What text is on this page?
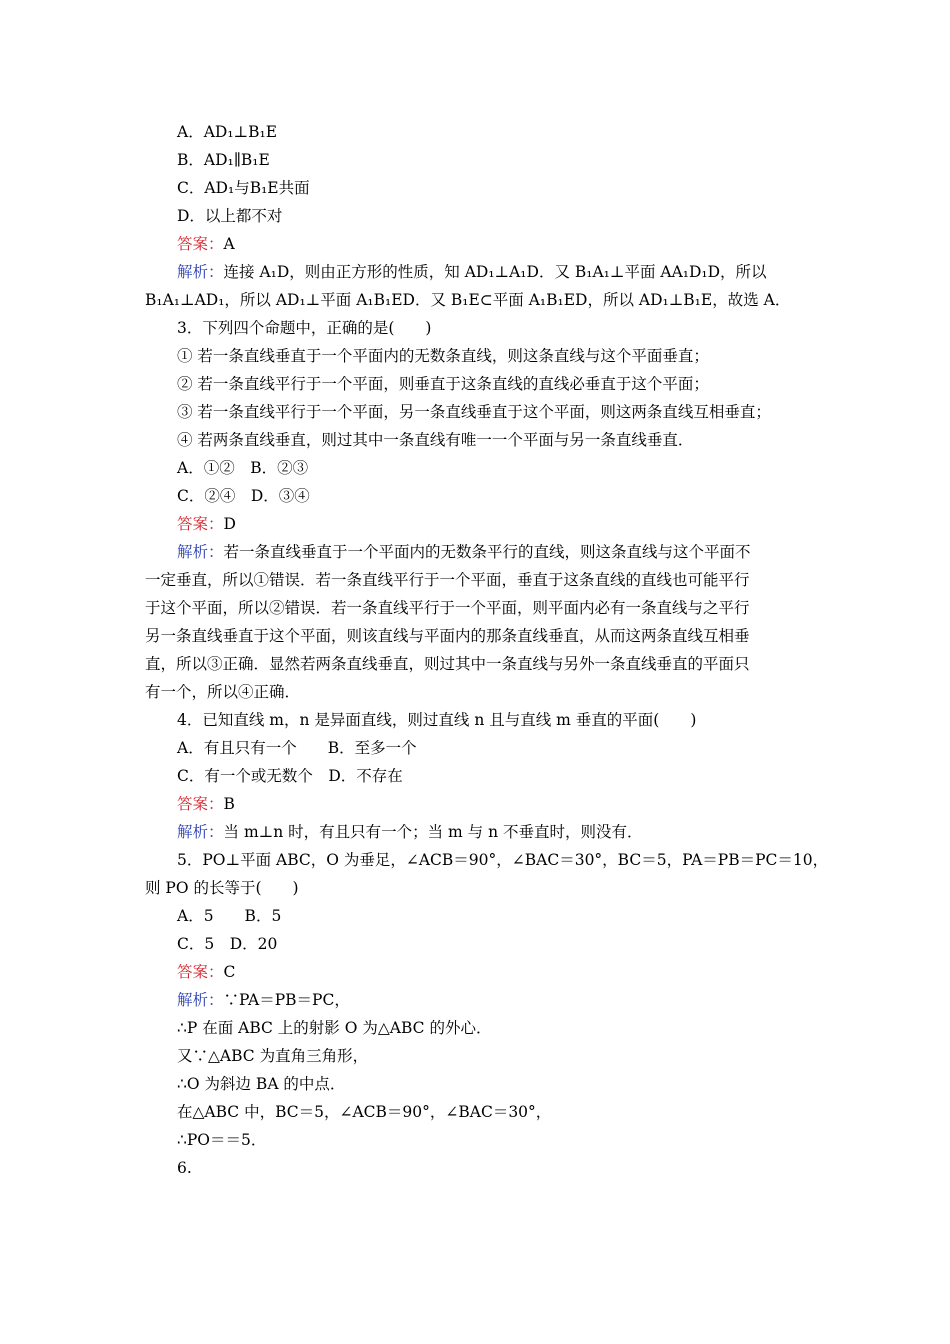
A．AD₁⊥B₁E
B．AD₁∥B₁E
C．AD₁与B₁E共面
D．以上都不对
答案：A
解析：连接 A₁D，则由正方形的性质，知 AD₁⊥A₁D．又 B₁A₁⊥平面 AA₁D₁D，所以
B₁A₁⊥AD₁，所以 AD₁⊥平面 A₁B₁ED．又 B₁E⊂平面 A₁B₁ED，所以 AD₁⊥B₁E，故选 A．
3．下列四个命题中，正确的是(　　)
① 若一条直线垂直于一个平面内的无数条直线，则这条直线与这个平面垂直；
② 若一条直线平行于一个平面，则垂直于这条直线的直线必垂直于这个平面；
③ 若一条直线平行于一个平面，另一条直线垂直于这个平面，则这两条直线互相垂直；
④ 若两条直线垂直，则过其中一条直线有唯一一个平面与另一条直线垂直．
A．①②　B．②③
C．②④　D．③④
答案：D
解析：若一条直线垂直于一个平面内的无数条平行的直线，则这条直线与这个平面不
一定垂直，所以①错误．若一条直线平行于一个平面，垂直于这条直线的直线也可能平行
于这个平面，所以②错误．若一条直线平行于一个平面，则平面内必有一条直线与之平行
另一条直线垂直于这个平面，则该直线与平面内的那条直线垂直，从而这两条直线互相垂
直，所以③正确．显然若两条直线垂直，则过其中一条直线与另外一条直线垂直的平面只
有一个，所以④正确．
4．已知直线 m，n 是异面直线，则过直线 n 且与直线 m 垂直的平面(　　)
A．有且只有一个　　B．至多一个
C．有一个或无数个　D．不存在
答案：B
解析：当 m⊥n 时，有且只有一个；当 m 与 n 不垂直时，则没有．
5．PO⊥平面 ABC，O 为垂足，∠ACB＝90°，∠BAC＝30°，BC＝5，PA＝PB＝PC＝10，
则 PO 的长等于(　　)
A．5　　B．5
C．5　D．20
答案：C
解析：∵PA＝PB＝PC，
∴P 在面 ABC 上的射影 O 为△ABC 的外心．
又∵△ABC 为直角三角形，
∴O 为斜边 BA 的中点．
在△ABC 中，BC＝5，∠ACB＝90°，∠BAC＝30°，
∴PO＝＝5．
6.
